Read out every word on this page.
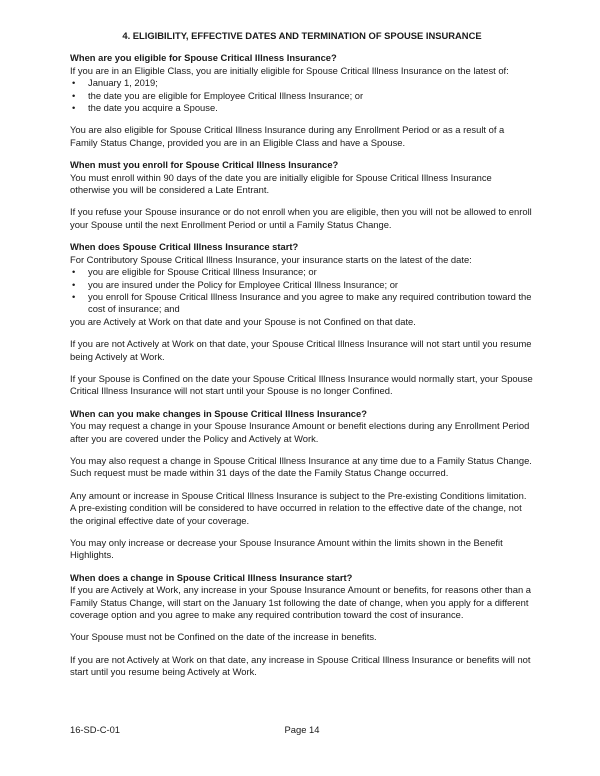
4. ELIGIBILITY, EFFECTIVE DATES AND TERMINATION OF SPOUSE INSURANCE
When are you eligible for Spouse Critical Illness Insurance?
If you are in an Eligible Class, you are initially eligible for Spouse Critical Illness Insurance on the latest of:
• January 1, 2019;
• the date you are eligible for Employee Critical Illness Insurance; or
• the date you acquire a Spouse.
You are also eligible for Spouse Critical Illness Insurance during any Enrollment Period or as a result of a Family Status Change, provided you are in an Eligible Class and have a Spouse.
When must you enroll for Spouse Critical Illness Insurance?
You must enroll within 90 days of the date you are initially eligible for Spouse Critical Illness Insurance otherwise you will be considered a Late Entrant.
If you refuse your Spouse insurance or do not enroll when you are eligible, then you will not be allowed to enroll your Spouse until the next Enrollment Period or until a Family Status Change.
When does Spouse Critical Illness Insurance start?
For Contributory Spouse Critical Illness Insurance, your insurance starts on the latest of the date:
• you are eligible for Spouse Critical Illness Insurance; or
• you are insured under the Policy for Employee Critical Illness Insurance; or
• you enroll for Spouse Critical Illness Insurance and you agree to make any required contribution toward the cost of insurance; and
you are Actively at Work on that date and your Spouse is not Confined on that date.
If you are not Actively at Work on that date, your Spouse Critical Illness Insurance will not start until you resume being Actively at Work.
If your Spouse is Confined on the date your Spouse Critical Illness Insurance would normally start, your Spouse Critical Illness Insurance will not start until your Spouse is no longer Confined.
When can you make changes in Spouse Critical Illness Insurance?
You may request a change in your Spouse Insurance Amount or benefit elections during any Enrollment Period after you are covered under the Policy and Actively at Work.
You may also request a change in Spouse Critical Illness Insurance at any time due to a Family Status Change. Such request must be made within 31 days of the date the Family Status Change occurred.
Any amount or increase in Spouse Critical Illness Insurance is subject to the Pre-existing Conditions limitation. A pre-existing condition will be considered to have occurred in relation to the effective date of the change, not the original effective date of your coverage.
You may only increase or decrease your Spouse Insurance Amount within the limits shown in the Benefit Highlights.
When does a change in Spouse Critical Illness Insurance start?
If you are Actively at Work, any increase in your Spouse Insurance Amount or benefits, for reasons other than a Family Status Change, will start on the January 1st following the date of change, when you apply for a different coverage option and you agree to make any required contribution toward the cost of insurance.
Your Spouse must not be Confined on the date of the increase in benefits.
If you are not Actively at Work on that date, any increase in Spouse Critical Illness Insurance or benefits will not start until you resume being Actively at Work.
16-SD-C-01	Page 14
